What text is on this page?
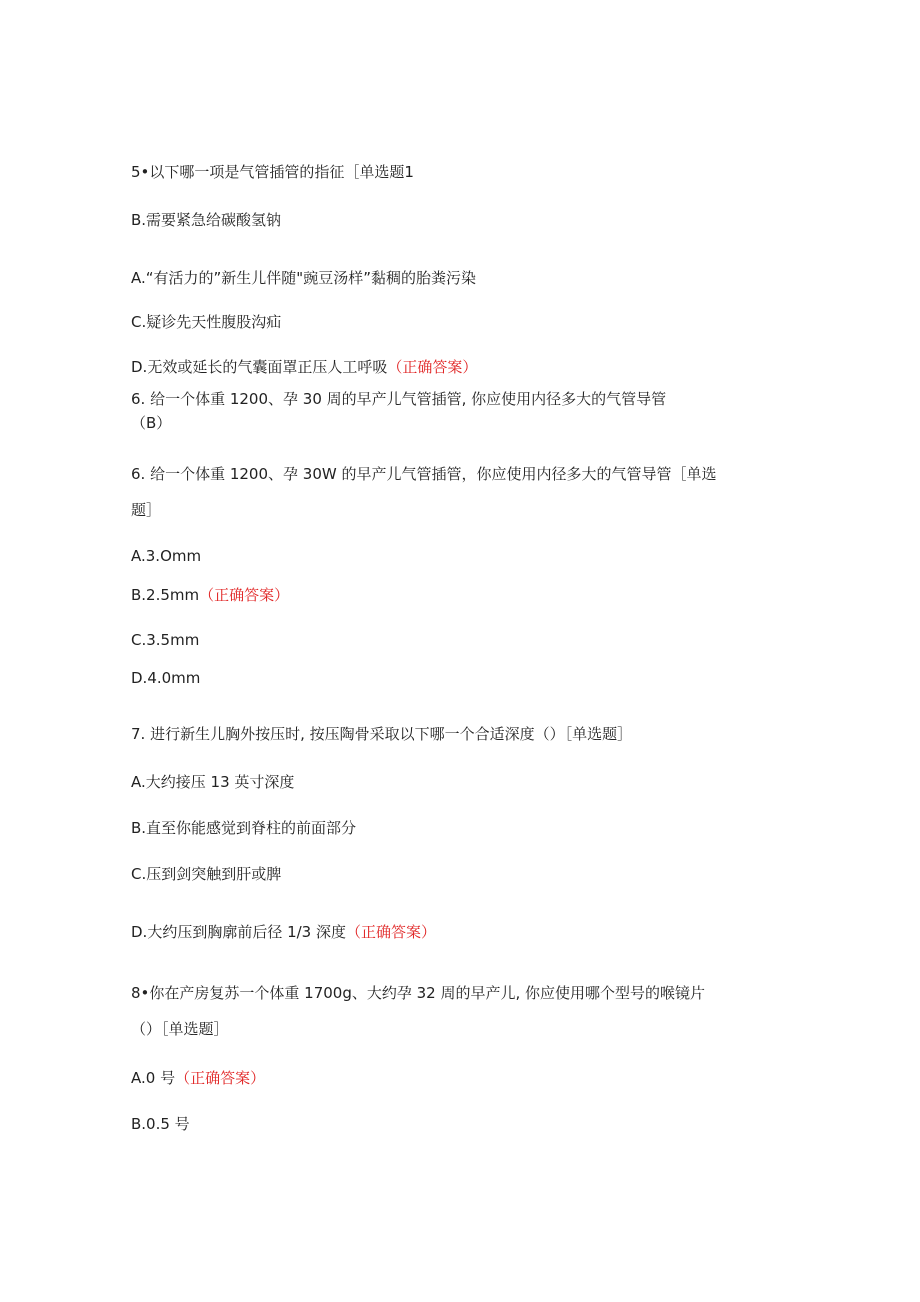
5•以下哪一项是气管插管的指征［单选题1
B.需要紧急给碳酸氢钠
A.“有活力的”新生儿伴随"豌豆汤样”黏稠的胎粪污染
C.疑诊先天性腹股沟疝
D.无效或延长的气囊面罩正压人工呼吸（正确答案）
6. 给一个体重 1200、孕 30 周的早产儿气管插管, 你应使用内径多大的气管导管
（B）
6. 给一个体重 1200、孕 30W 的早产儿气管插管，你应使用内径多大的气管导管［单选
题］
A.3.Omm
B.2.5mm（正确答案）
C.3.5mm
D.4.0mm
7. 进行新生儿胸外按压时, 按压陶骨采取以下哪一个合适深度（）［单选题］
A.大约接压 13 英寸深度
B.直至你能感觉到脊柱的前面部分
C.压到剑突触到肝或脾
D.大约压到胸廓前后径 1/3 深度（正确答案）
8•你在产房复苏一个体重 1700g、大约孕 32 周的早产儿, 你应使用哪个型号的喉镜片
（）［单选题］
A.0 号（正确答案）
B.0.5 号
